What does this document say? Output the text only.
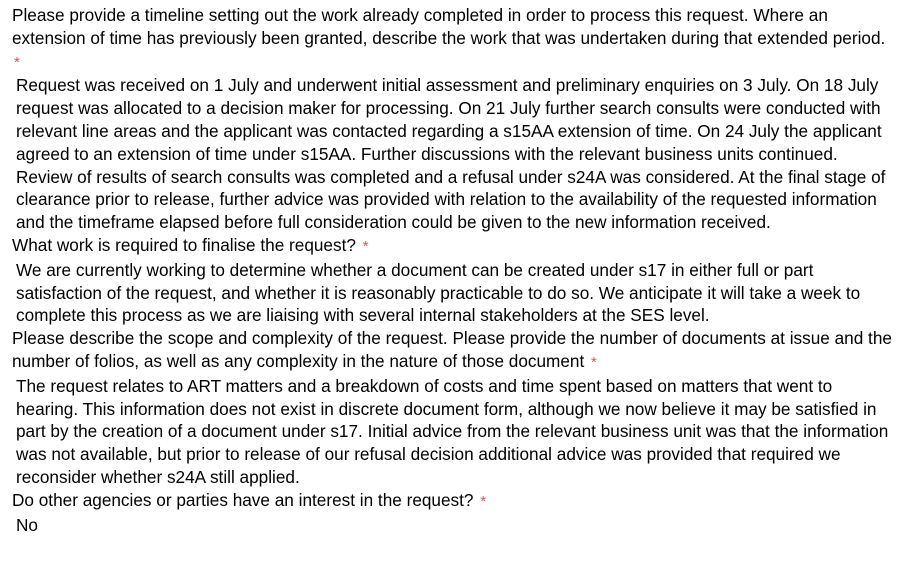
Please provide a timeline setting out the work already completed in order to process this request. Where an extension of time has previously been granted, describe the work that was undertaken during that extended period. *

Request was received on 1 July and underwent initial assessment and preliminary enquiries on 3 July. On 18 July request was allocated to a decision maker for processing. On 21 July further search consults were conducted with relevant line areas and the applicant was contacted regarding a s15AA extension of time. On 24 July the applicant agreed to an extension of time under s15AA. Further discussions with the relevant business units continued. Review of results of search consults was completed and a refusal under s24A was considered. At the final stage of clearance prior to release, further advice was provided with relation to the availability of the requested information and the timeframe elapsed before full consideration could be given to the new information received.

What work is required to finalise the request? *

We are currently working to determine whether a document can be created under s17 in either full or part satisfaction of the request, and whether it is reasonably practicable to do so. We anticipate it will take a week to complete this process as we are liaising with several internal stakeholders at the SES level.

Please describe the scope and complexity of the request. Please provide the number of documents at issue and the number of folios, as well as any complexity in the nature of those document *

The request relates to ART matters and a breakdown of costs and time spent based on matters that went to hearing. This information does not exist in discrete document form, although we now believe it may be satisfied in part by the creation of a document under s17. Initial advice from the relevant business unit was that the information was not available, but prior to release of our refusal decision additional advice was provided that required we reconsider whether s24A still applied.

Do other agencies or parties have an interest in the request? *

No
